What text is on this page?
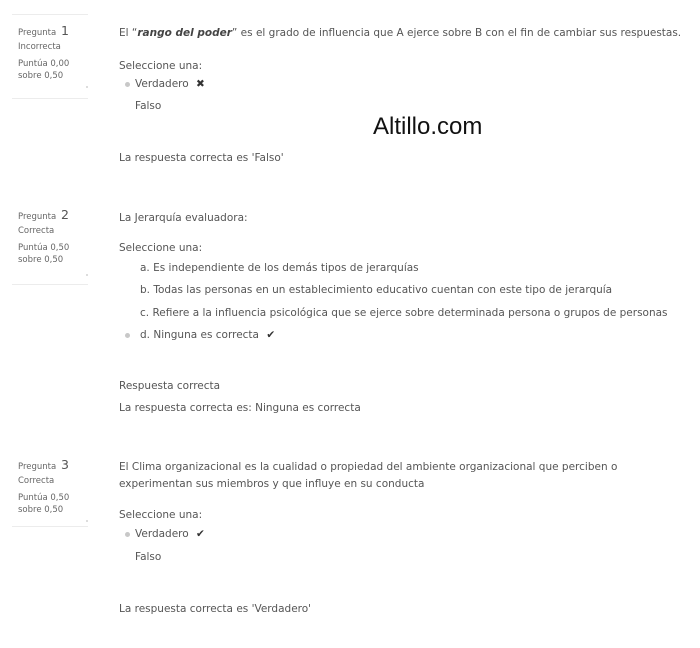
Altillo.com
Pregunta 1
Incorrecta
Puntúa 0,00
sobre 0,50
El “rango del poder” es el grado de influencia que A ejerce sobre B con el fin de cambiar sus respuestas.
Seleccione una:
Verdadero ✖
Falso
La respuesta correcta es 'Falso'
Pregunta 2
Correcta
Puntúa 0,50
sobre 0,50
La Jerarquía evaluadora:
Seleccione una:
a. Es independiente de los demás tipos de jerarquías
b. Todas las personas en un establecimiento educativo cuentan con este tipo de jerarquía
c. Refiere a la influencia psicológica que se ejerce sobre determinada persona o grupos de personas
d. Ninguna es correcta ✔
Respuesta correcta
La respuesta correcta es: Ninguna es correcta
Pregunta 3
Correcta
Puntúa 0,50
sobre 0,50
El Clima organizacional es la cualidad o propiedad del ambiente organizacional que perciben o
experimentan sus miembros y que influye en su conducta
Seleccione una:
Verdadero ✔
Falso
La respuesta correcta es 'Verdadero'
